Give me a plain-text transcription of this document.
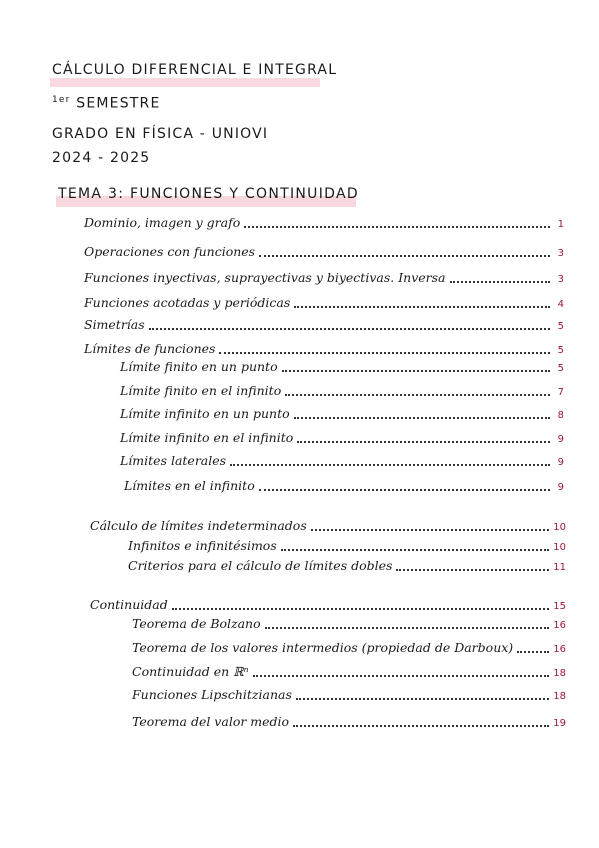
CÁLCULO DIFERENCIAL E INTEGRAL
$^{1er}$ SEMESTRE
GRADO EN FÍSICA - UNIOVI
2024 - 2025
TEMA 3: FUNCIONES Y CONTINUIDAD
Dominio, imagen y grafo	1
Operaciones con funciones	3
Funciones inyectivas, suprayectivas y biyectivas. Inversa	3
Funciones acotadas y periódicas	4
Simetrías	5
Límites de funciones	5
Límite finito en un punto	5
Límite finito en el infinito	7
Límite infinito en un punto	8
Límite infinito en el infinito	9
Límites laterales	9
Límites en el infinito	9
Cálculo de límites indeterminados	10
Infinitos e infinitésimos	10
Criterios para el cálculo de límites dobles	11
Continuidad	15
Teorema de Bolzano	16
Teorema de los valores intermedios (propiedad de Darboux)	16
Continuidad en ℝⁿ	18
Funciones Lipschitzianas	18
Teorema del valor medio	19
